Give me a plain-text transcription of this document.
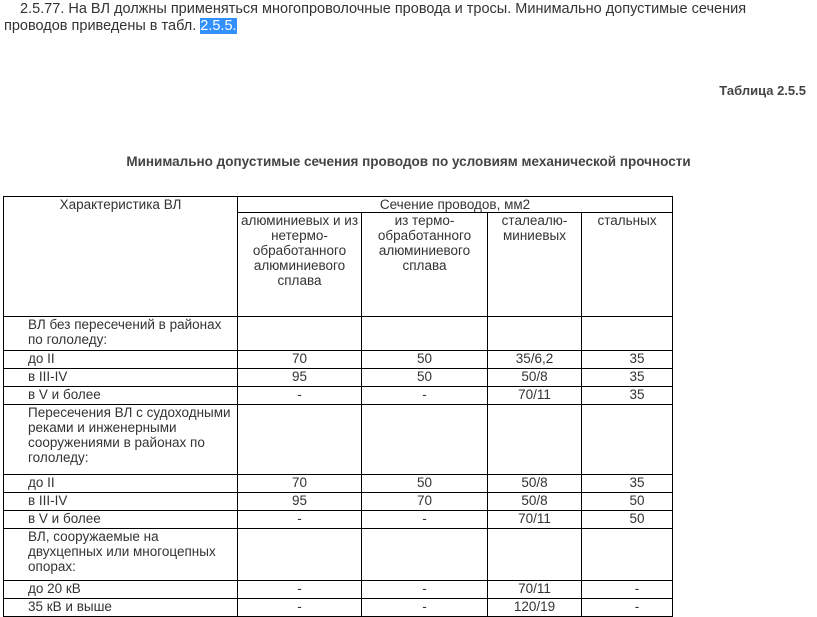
2.5.77. На ВЛ должны применяться многопроволочные провода и тросы. Минимально допустимые сечения проводов приведены в табл. 2.5.5.

Таблица 2.5.5

Минимально допустимые сечения проводов по условиям механической прочности

Характеристика ВЛ	Сечение проводов, мм2			
	алюминиевых и из нетермо-обработанного алюминиевого сплава	из термо-обработанного алюминиевого сплава	сталеалю-миниевых	стальных
ВЛ без пересечений в районах по гололеду:				
до II	70	50	35/6,2	35
в III-IV	95	50	50/8	35
в V и более	-	-	70/11	35
Пересечения ВЛ с судоходными реками и инженерными сооружениями в районах по гололеду:				
до II	70	50	50/8	35
в III-IV	95	70	50/8	50
в V и более	-	-	70/11	50
ВЛ, сооружаемые на двухцепных или многоцепных опорах:				
до 20 кВ	-	-	70/11	-
35 кВ и выше	-	-	120/19	-
